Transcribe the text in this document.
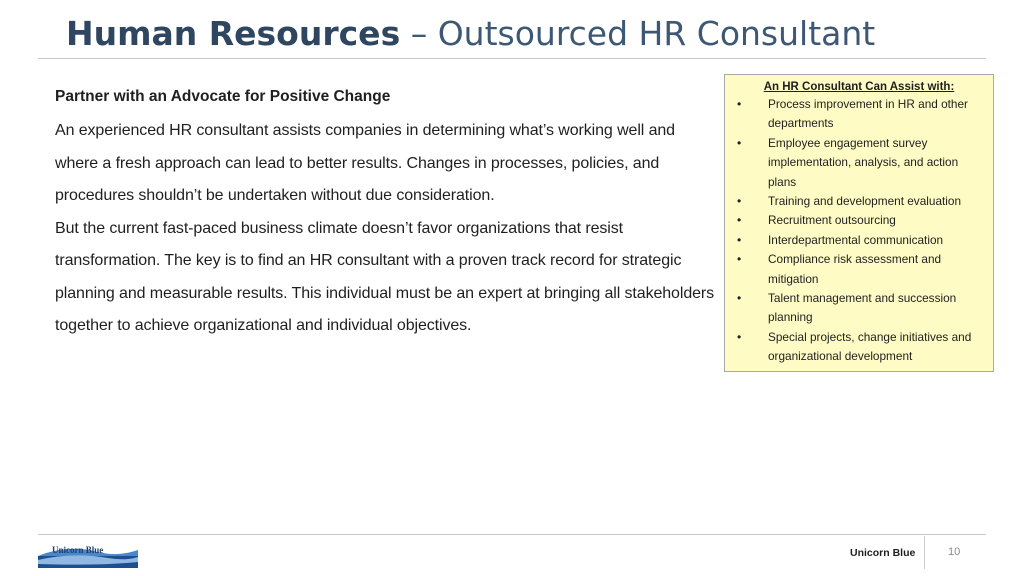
Human Resources – Outsourced HR Consultant

Partner with an Advocate for Positive Change

An experienced HR consultant assists companies in determining what’s working well and where a fresh approach can lead to better results. Changes in processes, policies, and procedures shouldn’t be undertaken without due consideration.

But the current fast-paced business climate doesn’t favor organizations that resist transformation. The key is to find an HR consultant with a proven track record for strategic planning and measurable results. This individual must be an expert at bringing all stakeholders together to achieve organizational and individual objectives.

An HR Consultant Can Assist with:
• Process improvement in HR and other departments
• Employee engagement survey implementation, analysis, and action plans
• Training and development evaluation
• Recruitment outsourcing
• Interdepartmental communication
• Compliance risk assessment and mitigation
• Talent management and succession planning
• Special projects, change initiatives and organizational development
Unicorn Blue	Unicorn Blue	10
